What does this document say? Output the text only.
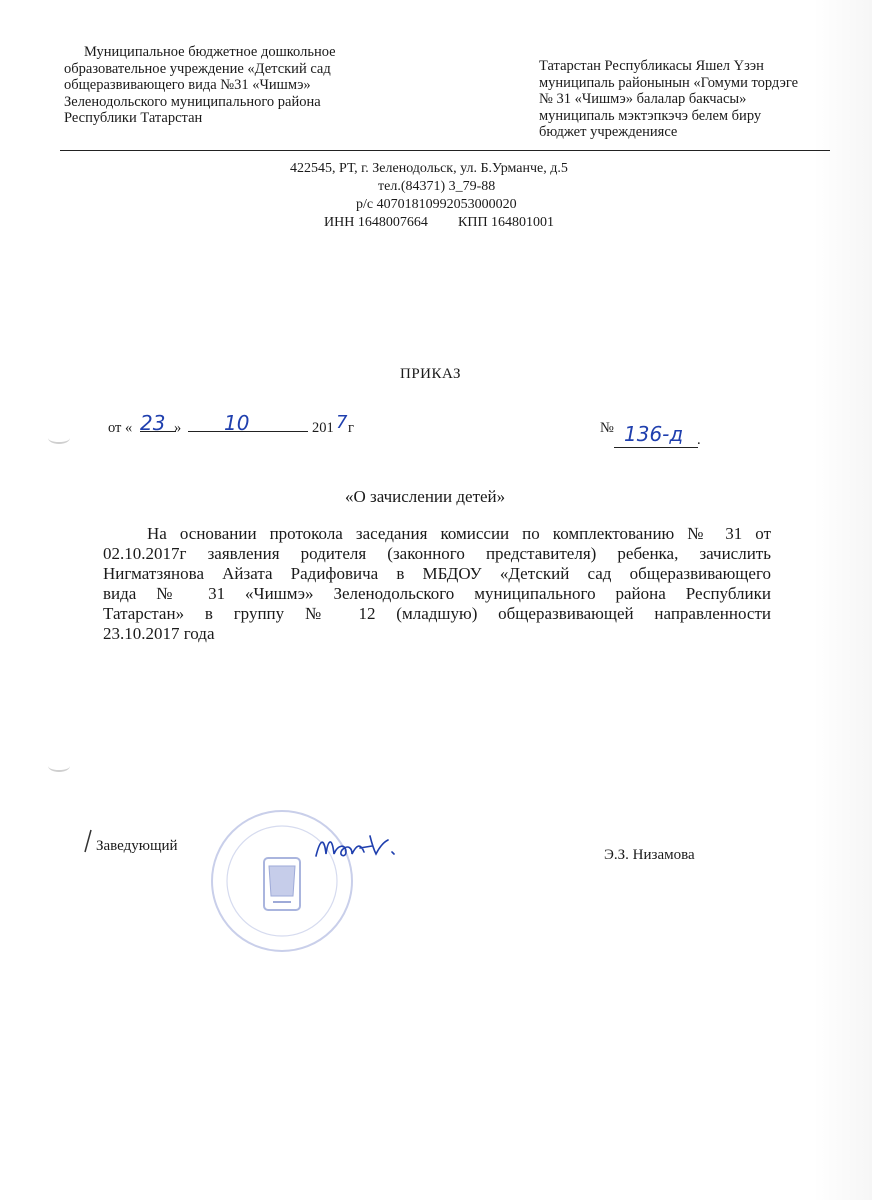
Муниципальное бюджетное дошкольное
образовательное учреждение «Детский сад
общеразвивающего вида №31 «Чишмэ»
Зеленодольского муниципального района
Республики Татарстан
Татарстан Республикасы Яшел Үзэн
муниципаль районынын «Гомуми тордэге
№ 31 «Чишмэ» балалар бакчасы»
муниципаль мэктэпкэчэ белем биру
бюджет учреждениясе
422545, РТ, г. Зеленодольск, ул. Б.Урманче, д.5
тел.(84371) 3_79-88
р/с 40701810992053000020
ИНН 1648007664 КПП 164801001
ПРИКАЗ
от « 23 » 10	201 7 г	№ 136-д .
«О зачислении детей»
На основании протокола заседания комиссии по комплектованию № 31 от
02.10.2017г заявления родителя (законного представителя) ребенка, зачислить
Нигматзянова Айзата Радифовича в МБДОУ «Детский сад общеразвивающего
вида № 31 «Чишмэ» Зеленодольского муниципального района Республики
Татарстан» в группу № 12 (младшую) общеразвивающей направленности
23.10.2017 года
Заведующий
Э.З. Низамова
